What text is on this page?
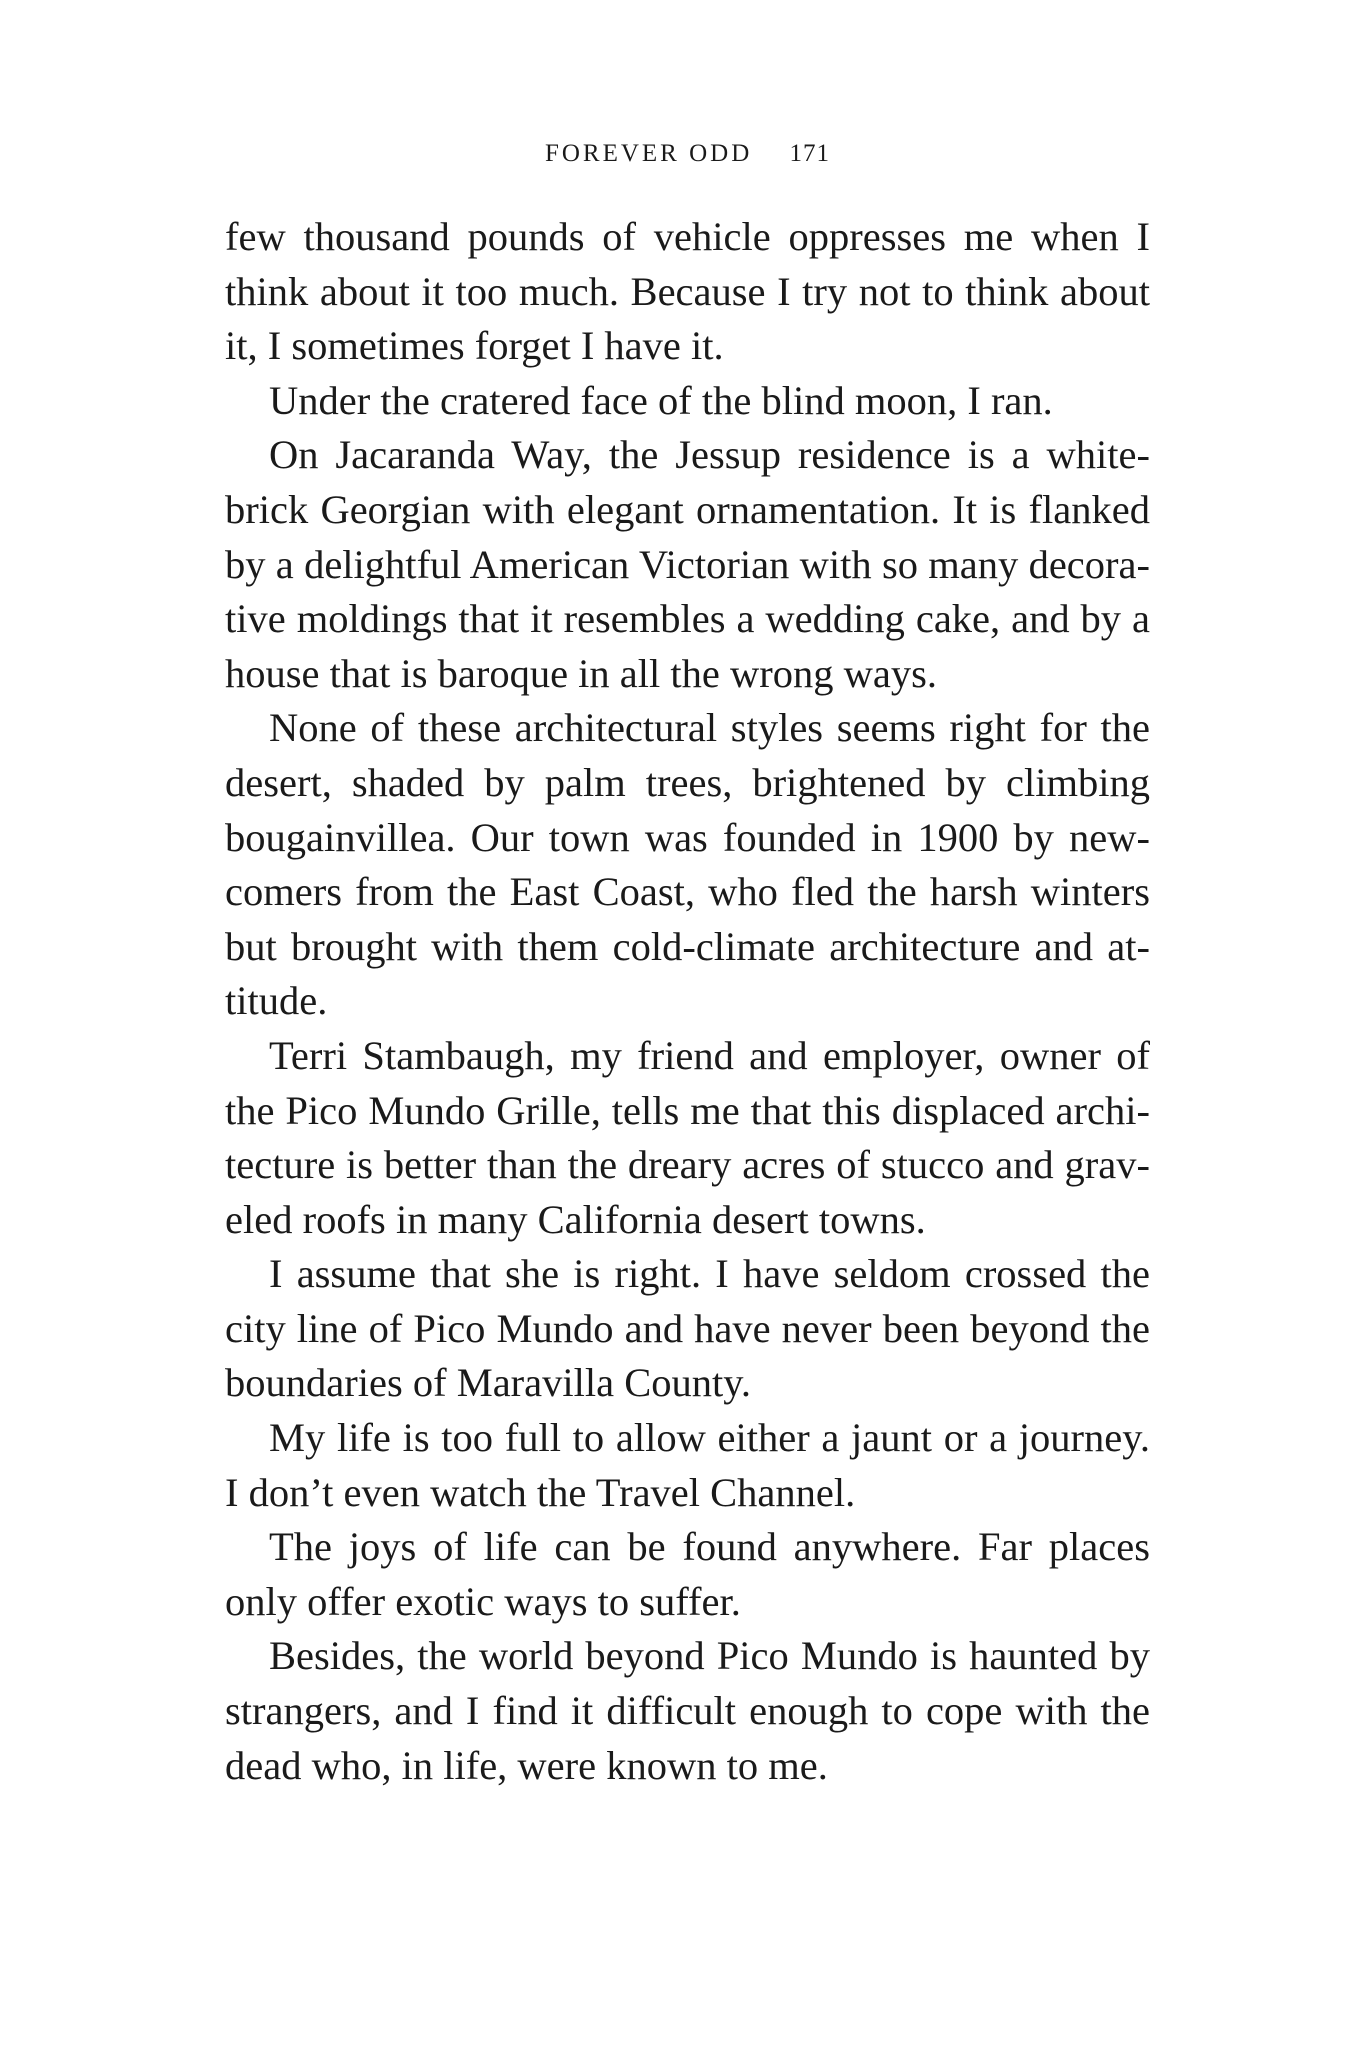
FOREVER ODD 171

few thousand pounds of vehicle oppresses me when I think about it too much. Because I try not to think about it, I sometimes forget I have it.

Under the cratered face of the blind moon, I ran.

On Jacaranda Way, the Jessup residence is a whitebrick Georgian with elegant ornamentation. It is flanked by a delightful American Victorian with so many decorative moldings that it resembles a wedding cake, and by a house that is baroque in all the wrong ways.

None of these architectural styles seems right for the desert, shaded by palm trees, brightened by climbing bougainvillea. Our town was founded in 1900 by newcomers from the East Coast, who fled the harsh winters but brought with them cold-climate architecture and attitude.

Terri Stambaugh, my friend and employer, owner of the Pico Mundo Grille, tells me that this displaced architecture is better than the dreary acres of stucco and graveled roofs in many California desert towns.

I assume that she is right. I have seldom crossed the city line of Pico Mundo and have never been beyond the boundaries of Maravilla County.

My life is too full to allow either a jaunt or a journey. I don’t even watch the Travel Channel.

The joys of life can be found anywhere. Far places only offer exotic ways to suffer.

Besides, the world beyond Pico Mundo is haunted by strangers, and I find it difficult enough to cope with the dead who, in life, were known to me.
